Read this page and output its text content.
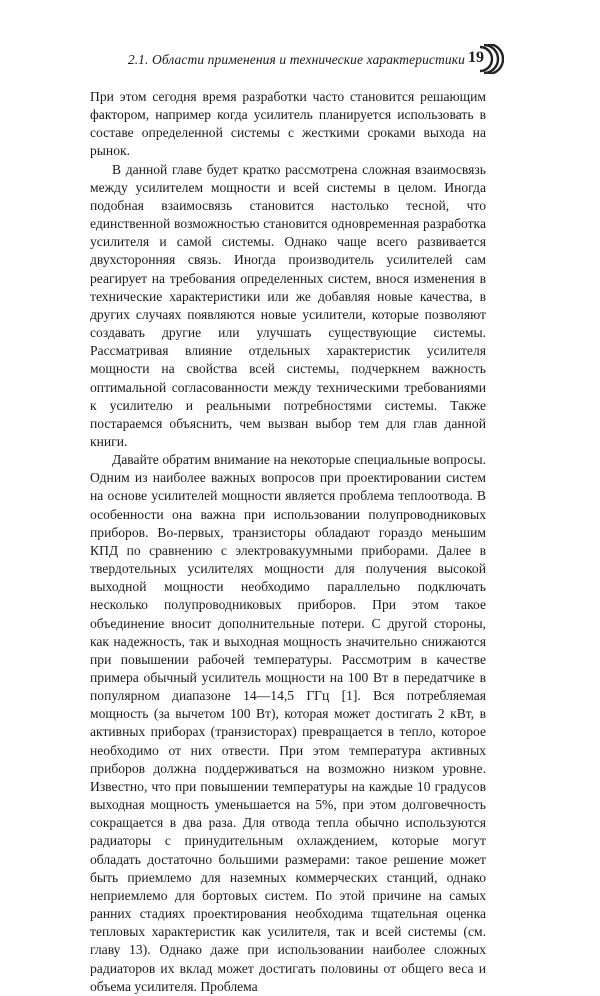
2.1. Области применения и технические характеристики 19

При этом сегодня время разработки часто становится решающим фактором, например когда усилитель планируется использовать в составе определенной системы с жесткими сроками выхода на рынок.

В данной главе будет кратко рассмотрена сложная взаимосвязь между усилителем мощности и всей системы в целом. Иногда подобная взаимосвязь становится настолько тесной, что единственной возможностью становится одновременная разработка усилителя и самой системы. Однако чаще всего развивается двухсторонняя связь. Иногда производитель усилителей сам реагирует на требования определенных систем, внося изменения в технические характеристики или же добавляя новые качества, в других случаях появляются новые усилители, которые позволяют создавать другие или улучшать существующие системы. Рассматривая влияние отдельных характеристик усилителя мощности на свойства всей системы, подчеркнем важность оптимальной согласованности между техническими требованиями к усилителю и реальными потребностями системы. Также постараемся объяснить, чем вызван выбор тем для глав данной книги.

Давайте обратим внимание на некоторые специальные вопросы. Одним из наиболее важных вопросов при проектировании систем на основе усилителей мощности является проблема теплоотвода. В особенности она важна при использовании полупроводниковых приборов. Во-первых, транзисторы обладают гораздо меньшим КПД по сравнению с электровакуумными приборами. Далее в твердотельных усилителях мощности для получения высокой выходной мощности необходимо параллельно подключать несколько полупроводниковых приборов. При этом такое объединение вносит дополнительные потери. С другой стороны, как надежность, так и выходная мощность значительно снижаются при повышении рабочей температуры. Рассмотрим в качестве примера обычный усилитель мощности на 100 Вт в передатчике в популярном диапазоне 14—14,5 ГГц [1]. Вся потребляемая мощность (за вычетом 100 Вт), которая может достигать 2 кВт, в активных приборах (транзисторах) превращается в тепло, которое необходимо от них отвести. При этом температура активных приборов должна поддерживаться на возможно низком уровне. Известно, что при повышении температуры на каждые 10 градусов выходная мощность уменьшается на 5%, при этом долговечность сокращается в два раза. Для отвода тепла обычно используются радиаторы с принудительным охлаждением, которые могут обладать достаточно большими размерами: такое решение может быть приемлемо для наземных коммерческих станций, однако неприемлемо для бортовых систем. По этой причине на самых ранних стадиях проектирования необходима тщательная оценка тепловых характеристик как усилителя, так и всей системы (см. главу 13). Однако даже при использовании наиболее сложных радиаторов их вклад может достигать половины от общего веса и объема усилителя. Проблема
